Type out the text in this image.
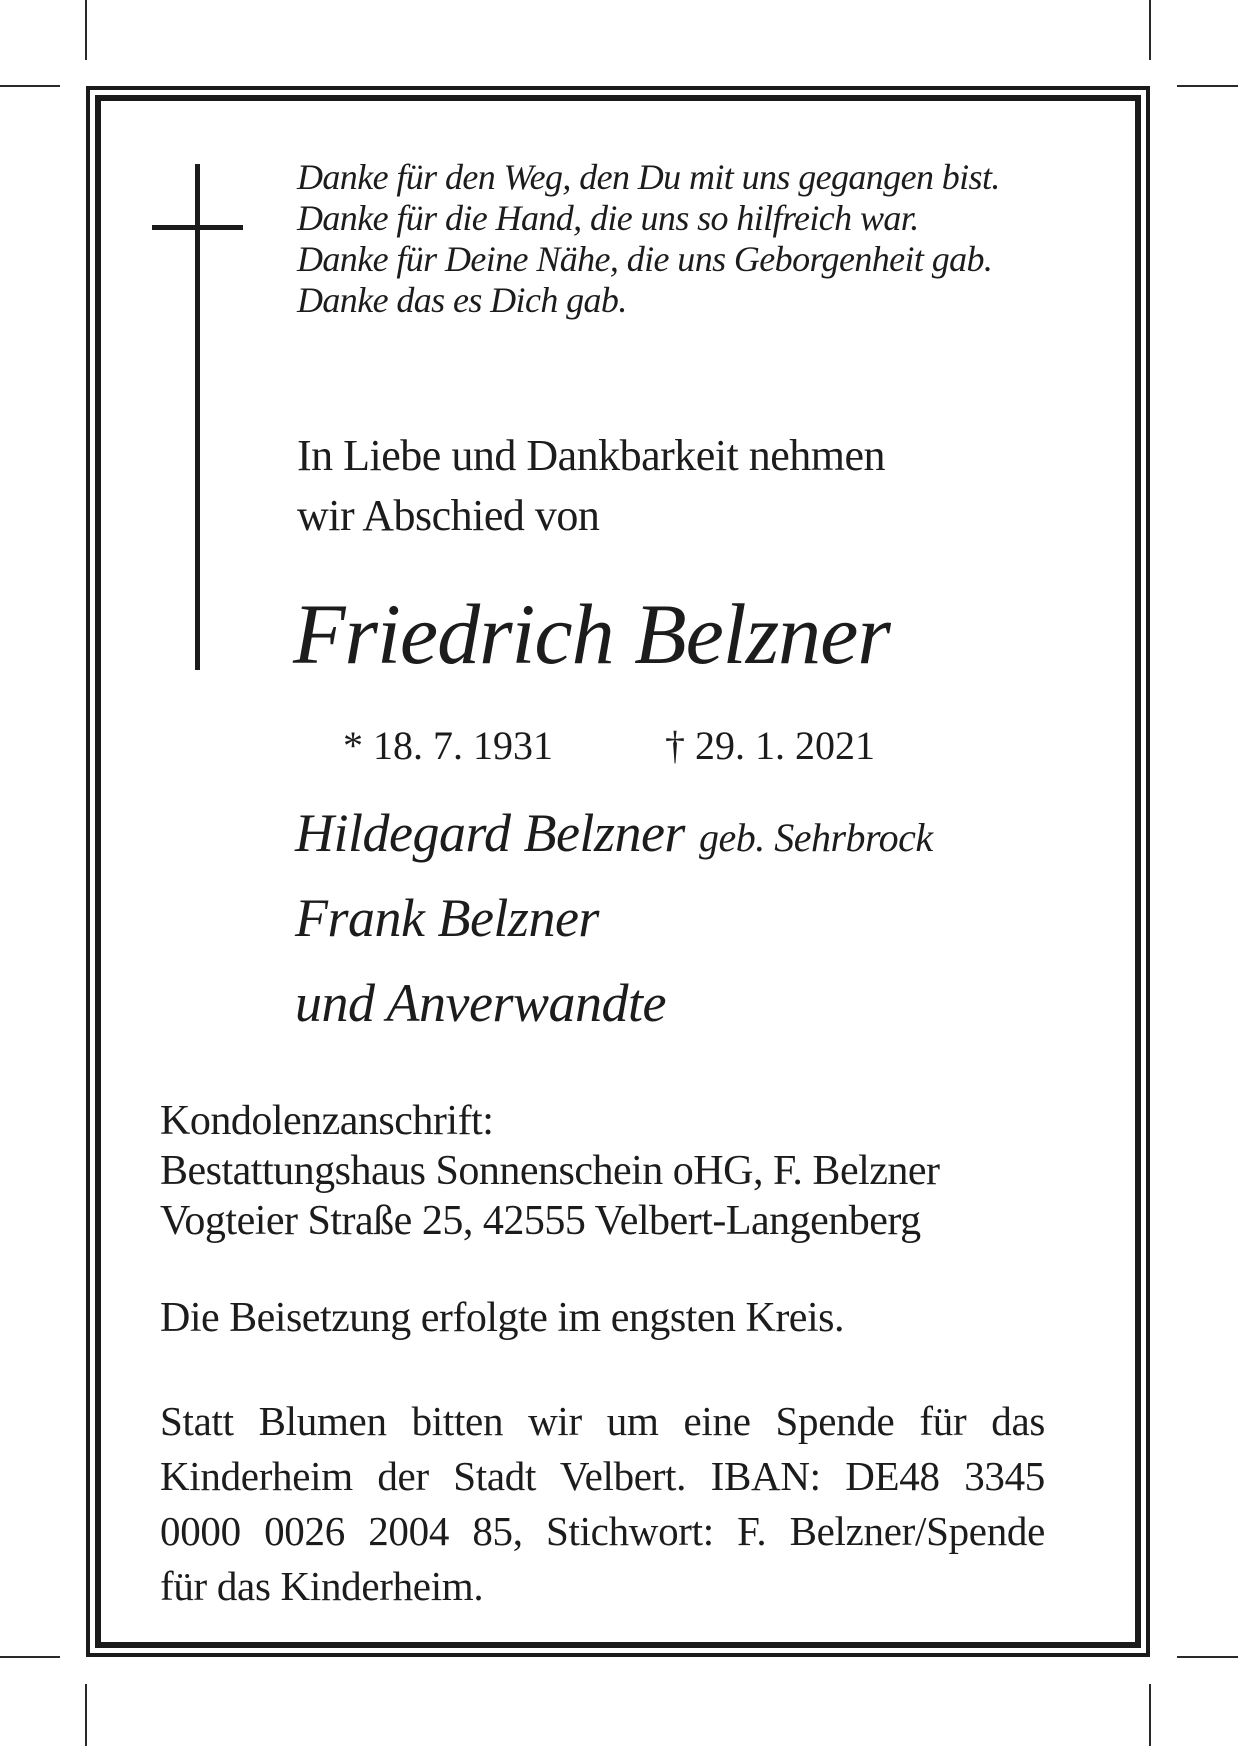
Danke für den Weg, den Du mit uns gegangen bist.
Danke für die Hand, die uns so hilfreich war.
Danke für Deine Nähe, die uns Geborgenheit gab.
Danke das es Dich gab.
In Liebe und Dankbarkeit nehmen
wir Abschied von
Friedrich Belzner
* 18. 7. 1931	† 29. 1. 2021
Hildegard Belzner geb. Sehrbrock
Frank Belzner
und Anverwandte
Kondolenzanschrift:
Bestattungshaus Sonnenschein oHG, F. Belzner
Vogteier Straße 25, 42555 Velbert-Langenberg
Die Beisetzung erfolgte im engsten Kreis.
Statt Blumen bitten wir um eine Spende für das
Kinderheim der Stadt Velbert. IBAN: DE48 3345
0000 0026 2004 85, Stichwort: F. Belzner/Spende
für das Kinderheim.
